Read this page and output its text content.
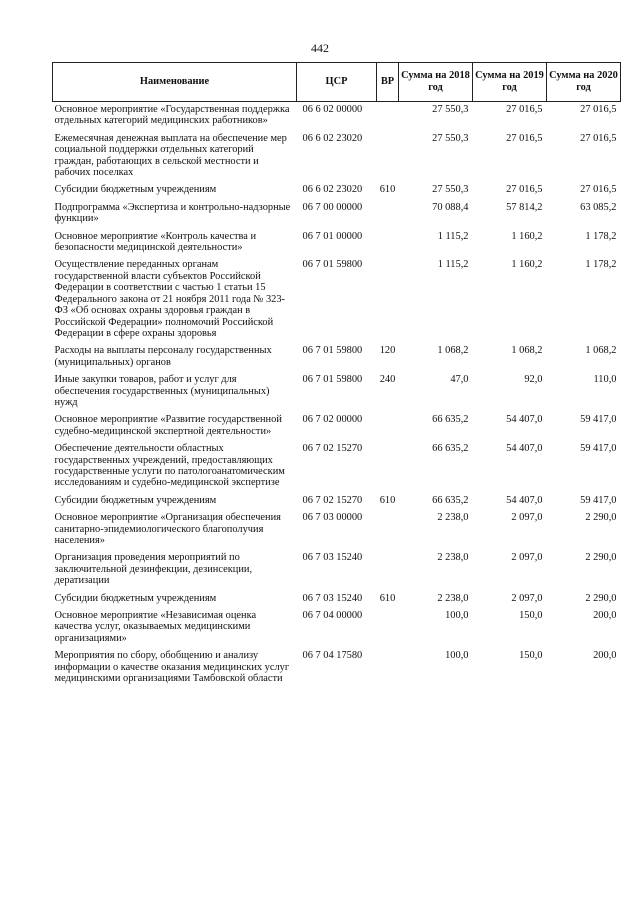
442
Наименование	ЦСР	ВР	Сумма на 2018 год	Сумма на 2019 год	Сумма на 2020 год
Основное мероприятие «Государственная поддержка отдельных категорий медицинских работников»	06 6 02 00000		27 550,3	27 016,5	27 016,5
Ежемесячная денежная выплата на обеспечение мер социальной поддержки отдельных категорий граждан, работающих в сельской местности и рабочих поселках	06 6 02 23020		27 550,3	27 016,5	27 016,5
Субсидии бюджетным учреждениям	06 6 02 23020	610	27 550,3	27 016,5	27 016,5
Подпрограмма «Экспертиза и контрольно-надзорные функции»	06 7 00 00000		70 088,4	57 814,2	63 085,2
Основное мероприятие «Контроль качества и безопасности медицинской деятельности»	06 7 01 00000		1 115,2	1 160,2	1 178,2
Осуществление переданных органам государственной власти субъектов Российской Федерации в соответствии с частью 1 статьи 15 Федерального закона от 21 ноября 2011 года № 323-ФЗ «Об основах охраны здоровья граждан в Российской Федерации» полномочий Российской Федерации в сфере охраны здоровья	06 7 01 59800		1 115,2	1 160,2	1 178,2
Расходы на выплаты персоналу государственных (муниципальных) органов	06 7 01 59800	120	1 068,2	1 068,2	1 068,2
Иные закупки товаров, работ и услуг для обеспечения государственных (муниципальных) нужд	06 7 01 59800	240	47,0	92,0	110,0
Основное мероприятие «Развитие государственной судебно-медицинской экспертной деятельности»	06 7 02 00000		66 635,2	54 407,0	59 417,0
Обеспечение деятельности областных государственных учреждений, предоставляющих государственные услуги по патологоанатомическим исследованиям и судебно-медицинской экспертизе	06 7 02 15270		66 635,2	54 407,0	59 417,0
Субсидии бюджетным учреждениям	06 7 02 15270	610	66 635,2	54 407,0	59 417,0
Основное мероприятие «Организация обеспечения санитарно-эпидемиологического благополучия населения»	06 7 03 00000		2 238,0	2 097,0	2 290,0
Организация проведения мероприятий по заключительной дезинфекции, дезинсекции, дератизации	06 7 03 15240		2 238,0	2 097,0	2 290,0
Субсидии бюджетным учреждениям	06 7 03 15240	610	2 238,0	2 097,0	2 290,0
Основное мероприятие «Независимая оценка качества услуг, оказываемых медицинскими организациями»	06 7 04 00000		100,0	150,0	200,0
Мероприятия по сбору, обобщению и анализу информации о качестве оказания медицинских услуг медицинскими организациями Тамбовской области	06 7 04 17580		100,0	150,0	200,0
